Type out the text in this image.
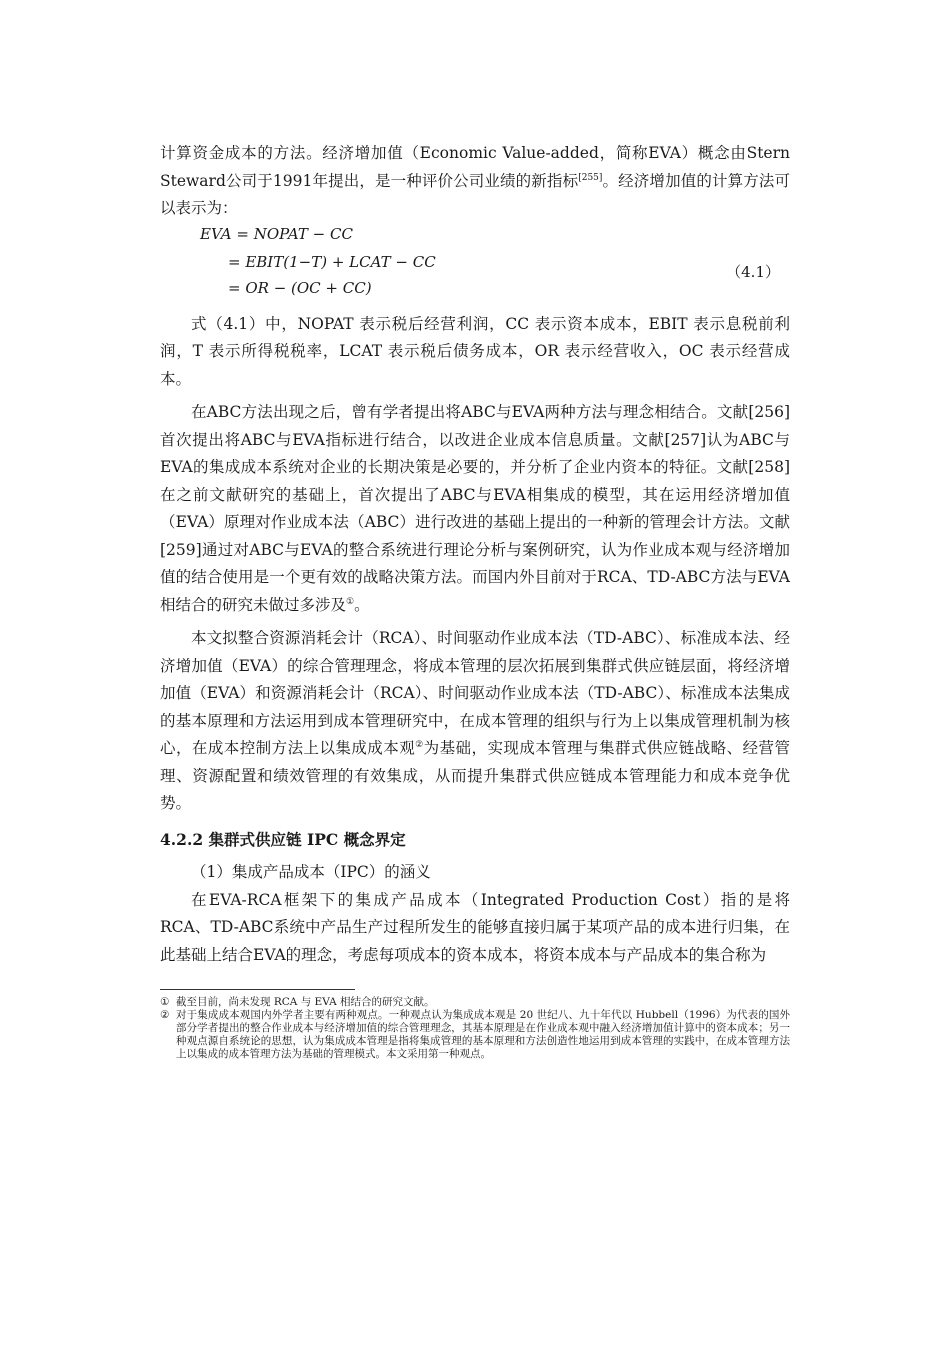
计算资金成本的方法。经济增加值（Economic Value-added，简称EVA）概念由Stern Steward公司于1991年提出，是一种评价公司业绩的新指标[255]。经济增加值的计算方法可以表示为：

EVA = NOPAT − CC
= EBIT(1−T) + LCAT − CC
= OR − (OC + CC)
（4.1）

式（4.1）中，NOPAT 表示税后经营利润，CC 表示资本成本，EBIT 表示息税前利润，T 表示所得税税率，LCAT 表示税后债务成本，OR 表示经营收入，OC 表示经营成本。

在ABC方法出现之后，曾有学者提出将ABC与EVA两种方法与理念相结合。文献[256]首次提出将ABC与EVA指标进行结合，以改进企业成本信息质量。文献[257]认为ABC与EVA的集成成本系统对企业的长期决策是必要的，并分析了企业内资本的特征。文献[258]在之前文献研究的基础上，首次提出了ABC与EVA相集成的模型，其在运用经济增加值（EVA）原理对作业成本法（ABC）进行改进的基础上提出的一种新的管理会计方法。文献[259]通过对ABC与EVA的整合系统进行理论分析与案例研究，认为作业成本观与经济增加值的结合使用是一个更有效的战略决策方法。而国内外目前对于RCA、TD-ABC方法与EVA相结合的研究未做过多涉及①。

本文拟整合资源消耗会计（RCA）、时间驱动作业成本法（TD-ABC）、标准成本法、经济增加值（EVA）的综合管理理念，将成本管理的层次拓展到集群式供应链层面，将经济增加值（EVA）和资源消耗会计（RCA）、时间驱动作业成本法（TD-ABC）、标准成本法集成的基本原理和方法运用到成本管理研究中，在成本管理的组织与行为上以集成管理机制为核心，在成本控制方法上以集成成本观②为基础，实现成本管理与集群式供应链战略、经营管理、资源配置和绩效管理的有效集成，从而提升集群式供应链成本管理能力和成本竞争优势。

4.2.2 集群式供应链 IPC 概念界定

（1）集成产品成本（IPC）的涵义

在EVA-RCA框架下的集成产品成本（Integrated Production Cost）指的是将RCA、TD-ABC系统中产品生产过程所发生的能够直接归属于某项产品的成本进行归集，在此基础上结合EVA的理念，考虑每项成本的资本成本，将资本成本与产品成本的集合称为

① 截至目前，尚未发现 RCA 与 EVA 相结合的研究文献。
② 对于集成成本观国内外学者主要有两种观点。一种观点认为集成成本观是 20 世纪八、九十年代以 Hubbell（1996）为代表的国外部分学者提出的整合作业成本与经济增加值的综合管理理念，其基本原理是在作业成本观中融入经济增加值计算中的资本成本；另一种观点源自系统论的思想，认为集成成本管理是指将集成管理的基本原理和方法创造性地运用到成本管理的实践中，在成本管理方法上以集成的成本管理方法为基础的管理模式。本文采用第一种观点。
